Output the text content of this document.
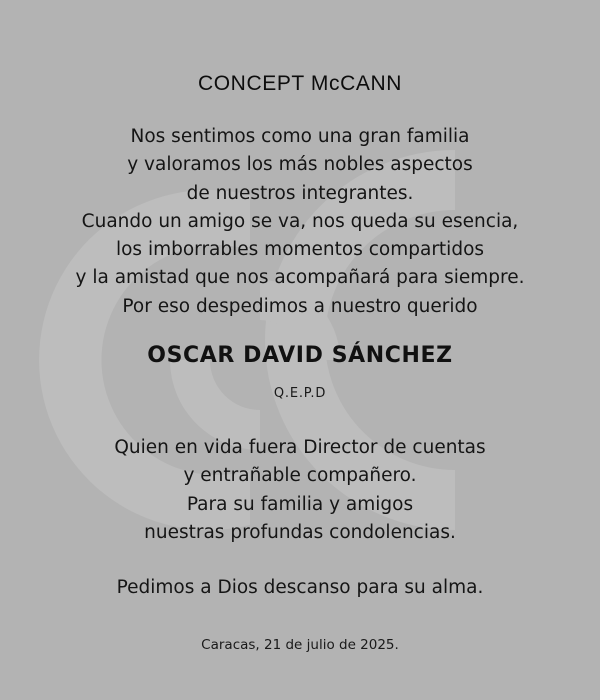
CONCEPT McCANN
Nos sentimos como una gran familia
y valoramos los más nobles aspectos
de nuestros integrantes.
Cuando un amigo se va, nos queda su esencia,
los imborrables momentos compartidos
y la amistad que nos acompañará para siempre.
Por eso despedimos a nuestro querido
OSCAR DAVID SÁNCHEZ
Q.E.P.D
Quien en vida fuera Director de cuentas
y entrañable compañero.
Para su familia y amigos
nuestras profundas condolencias.
Pedimos a Dios descanso para su alma.
Caracas, 21 de julio de 2025.
